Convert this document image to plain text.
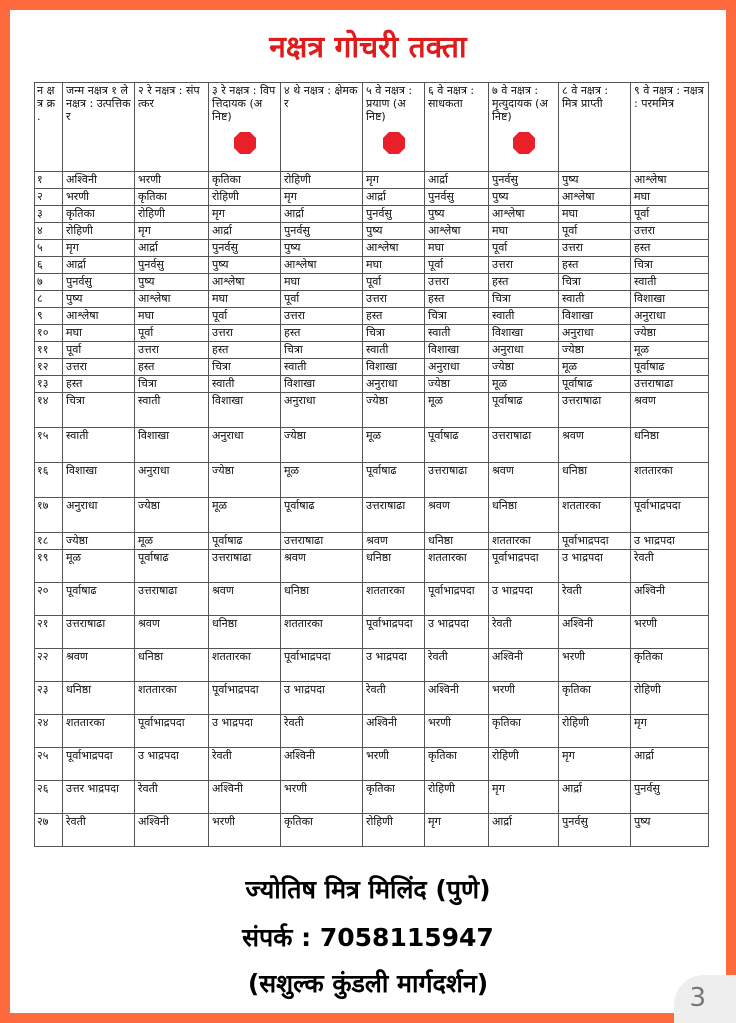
नक्षत्र गोचरी तक्ता
न क्ष त्र क्र .	जन्म नक्षत्र १ ले नक्षत्र : उत्पत्तिकर	२ रे नक्षत्र : संपत्कर	३ रे नक्षत्र : विपत्तिदायक (अनिष्ट)	४ थे नक्षत्र : क्षेमकर	५ वे नक्षत्र : प्रयाण (अनिष्ट)	६ वे नक्षत्र : साधकता	७ वे नक्षत्र : मृत्युदायक (अनिष्ट)	८ वे नक्षत्र : मित्र प्राप्ती	९ वे नक्षत्र : नक्षत्र : परममित्र
१	अश्विनी	भरणी	कृतिका	रोहिणी	मृग	आर्द्रा	पुनर्वसु	पुष्य	आश्लेषा
२	भरणी	कृतिका	रोहिणी	मृग	आर्द्रा	पुनर्वसु	पुष्य	आश्लेषा	मघा
३	कृतिका	रोहिणी	मृग	आर्द्रा	पुनर्वसु	पुष्य	आश्लेषा	मघा	पूर्वा
४	रोहिणी	मृग	आर्द्रा	पुनर्वसु	पुष्य	आश्लेषा	मघा	पूर्वा	उत्तरा
५	मृग	आर्द्रा	पुनर्वसु	पुष्य	आश्लेषा	मघा	पूर्वा	उत्तरा	हस्त
६	आर्द्रा	पुनर्वसु	पुष्य	आश्लेषा	मघा	पूर्वा	उत्तरा	हस्त	चित्रा
७	पुनर्वसु	पुष्य	आश्लेषा	मघा	पूर्वा	उत्तरा	हस्त	चित्रा	स्वाती
८	पुष्य	आश्लेषा	मघा	पूर्वा	उत्तरा	हस्त	चित्रा	स्वाती	विशाखा
९	आश्लेषा	मघा	पूर्वा	उत्तरा	हस्त	चित्रा	स्वाती	विशाखा	अनुराधा
१०	मघा	पूर्वा	उत्तरा	हस्त	चित्रा	स्वाती	विशाखा	अनुराधा	ज्येष्ठा
११	पूर्वा	उत्तरा	हस्त	चित्रा	स्वाती	विशाखा	अनुराधा	ज्येष्ठा	मूळ
१२	उत्तरा	हस्त	चित्रा	स्वाती	विशाखा	अनुराधा	ज्येष्ठा	मूळ	पूर्वाषाढ
१३	हस्त	चित्रा	स्वाती	विशाखा	अनुराधा	ज्येष्ठा	मूळ	पूर्वाषाढ	उत्तराषाढा
१४	चित्रा	स्वाती	विशाखा	अनुराधा	ज्येष्ठा	मूळ	पूर्वाषाढ	उत्तराषाढा	श्रवण
१५	स्वाती	विशाखा	अनुराधा	ज्येष्ठा	मूळ	पूर्वाषाढ	उत्तराषाढा	श्रवण	धनिष्ठा
१६	विशाखा	अनुराधा	ज्येष्ठा	मूळ	पूर्वाषाढ	उत्तराषाढा	श्रवण	धनिष्ठा	शततारका
१७	अनुराधा	ज्येष्ठा	मूळ	पूर्वाषाढ	उत्तराषाढा	श्रवण	धनिष्ठा	शततारका	पूर्वाभाद्रपदा
१८	ज्येष्ठा	मूळ	पूर्वाषाढ	उत्तराषाढा	श्रवण	धनिष्ठा	शततारका	पूर्वाभाद्रपदा	उ भाद्रपदा
१९	मूळ	पूर्वाषाढ	उत्तराषाढा	श्रवण	धनिष्ठा	शततारका	पूर्वाभाद्रपदा	उ भाद्रपदा	रेवती
२०	पूर्वाषाढ	उत्तराषाढा	श्रवण	धनिष्ठा	शततारका	पूर्वाभाद्रपदा	उ भाद्रपदा	रेवती	अश्विनी
२१	उत्तराषाढा	श्रवण	धनिष्ठा	शततारका	पूर्वाभाद्रपदा	उ भाद्रपदा	रेवती	अश्विनी	भरणी
२२	श्रवण	धनिष्ठा	शततारका	पूर्वाभाद्रपदा	उ भाद्रपदा	रेवती	अश्विनी	भरणी	कृतिका
२३	धनिष्ठा	शततारका	पूर्वाभाद्रपदा	उ भाद्रपदा	रेवती	अश्विनी	भरणी	कृतिका	रोहिणी
२४	शततारका	पूर्वाभाद्रपदा	उ भाद्रपदा	रेवती	अश्विनी	भरणी	कृतिका	रोहिणी	मृग
२५	पूर्वाभाद्रपदा	उ भाद्रपदा	रेवती	अश्विनी	भरणी	कृतिका	रोहिणी	मृग	आर्द्रा
२६	उत्तर भाद्रपदा	रेवती	अश्विनी	भरणी	कृतिका	रोहिणी	मृग	आर्द्रा	पुनर्वसु
२७	रेवती	अश्विनी	भरणी	कृतिका	रोहिणी	मृग	आर्द्रा	पुनर्वसु	पुष्य
ज्योतिष मित्र मिलिंद (पुणे)
संपर्क : 7058115947
(सशुल्क कुंडली मार्गदर्शन)	3
